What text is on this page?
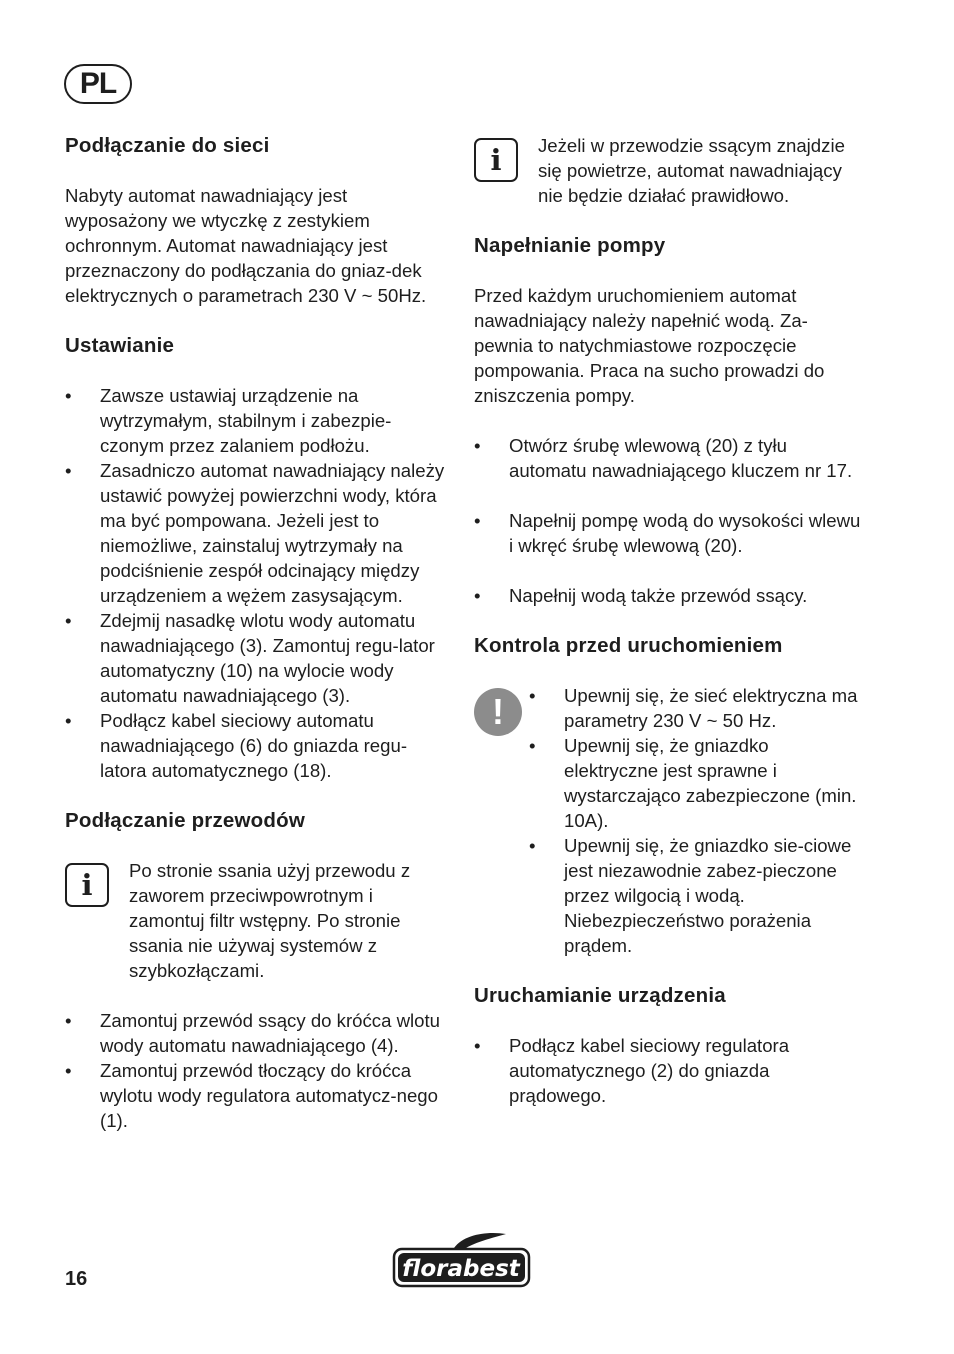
PL
Podłączanie do sieci

Nabyty automat nawadniający jest wyposażony we wtyczkę z zestykiem ochronnym. Automat nawadniający jest przeznaczony do podłączania do gniaz-dek elektrycznych o parametrach 230 V ~ 50Hz.

Ustawianie
• Zawsze ustawiaj urządzenie na wytrzymałym, stabilnym i zabezpie-czonym przez zalaniem podłożu.
• Zasadniczo automat nawadniający należy ustawić powyżej powierzchni wody, która ma być pompowana. Jeżeli jest to niemożliwe, zainstaluj wytrzymały na podciśnienie zespół odcinający między urządzeniem a wężem zasysającym.
• Zdejmij nasadkę wlotu wody automatu nawadniającego (3). Zamontuj regu-lator automatyczny (10) na wylocie wody automatu nawadniającego (3).
• Podłącz kabel sieciowy automatu nawadniającego (6) do gniazda regu-latora automatycznego (18).
Podłączanie przewodów
i Po stronie ssania użyj przewodu z zaworem przeciwpowrotnym i zamontuj filtr wstępny. Po stronie ssania nie używaj systemów z szybkozłączami.

• Zamontuj przewód ssący do króćca wlotu wody automatu nawadniającego (4).
• Zamontuj przewód tłoczący do króćca wylotu wody regulatora automatycz-nego (1).
i Jeżeli w przewodzie ssącym znajdzie się powietrze, automat nawadniający nie będzie działać prawidłowo.

Napełnianie pompy

Przed każdym uruchomieniem automat nawadniający należy napełnić wodą. Za-pewnia to natychmiastowe rozpoczęcie pompowania. Praca na sucho prowadzi do zniszczenia pompy.

• Otwórz śrubę wlewową (20) z tyłu automatu nawadniającego kluczem nr 17.
• Napełnij pompę wodą do wysokości wlewu i wkręć śrubę wlewową (20).
• Napełnij wodą także przewód ssący.
Kontrola przed uruchomieniem
!
•	Upewnij się, że sieć elektryczna ma parametry 230 V ~ 50 Hz.
• Upewnij się, że gniazdko elektryczne jest sprawne i wystarczająco zabezpieczone (min. 10A).
• Upewnij się, że gniazdko sie-ciowe jest niezawodnie zabez-pieczone przez wilgocią i wodą. Niebezpieczeństwo porażenia prądem.
Uruchamianie urządzenia
• Podłącz kabel sieciowy regulatora automatycznego (2) do gniazda prądowego.
16	florabest
